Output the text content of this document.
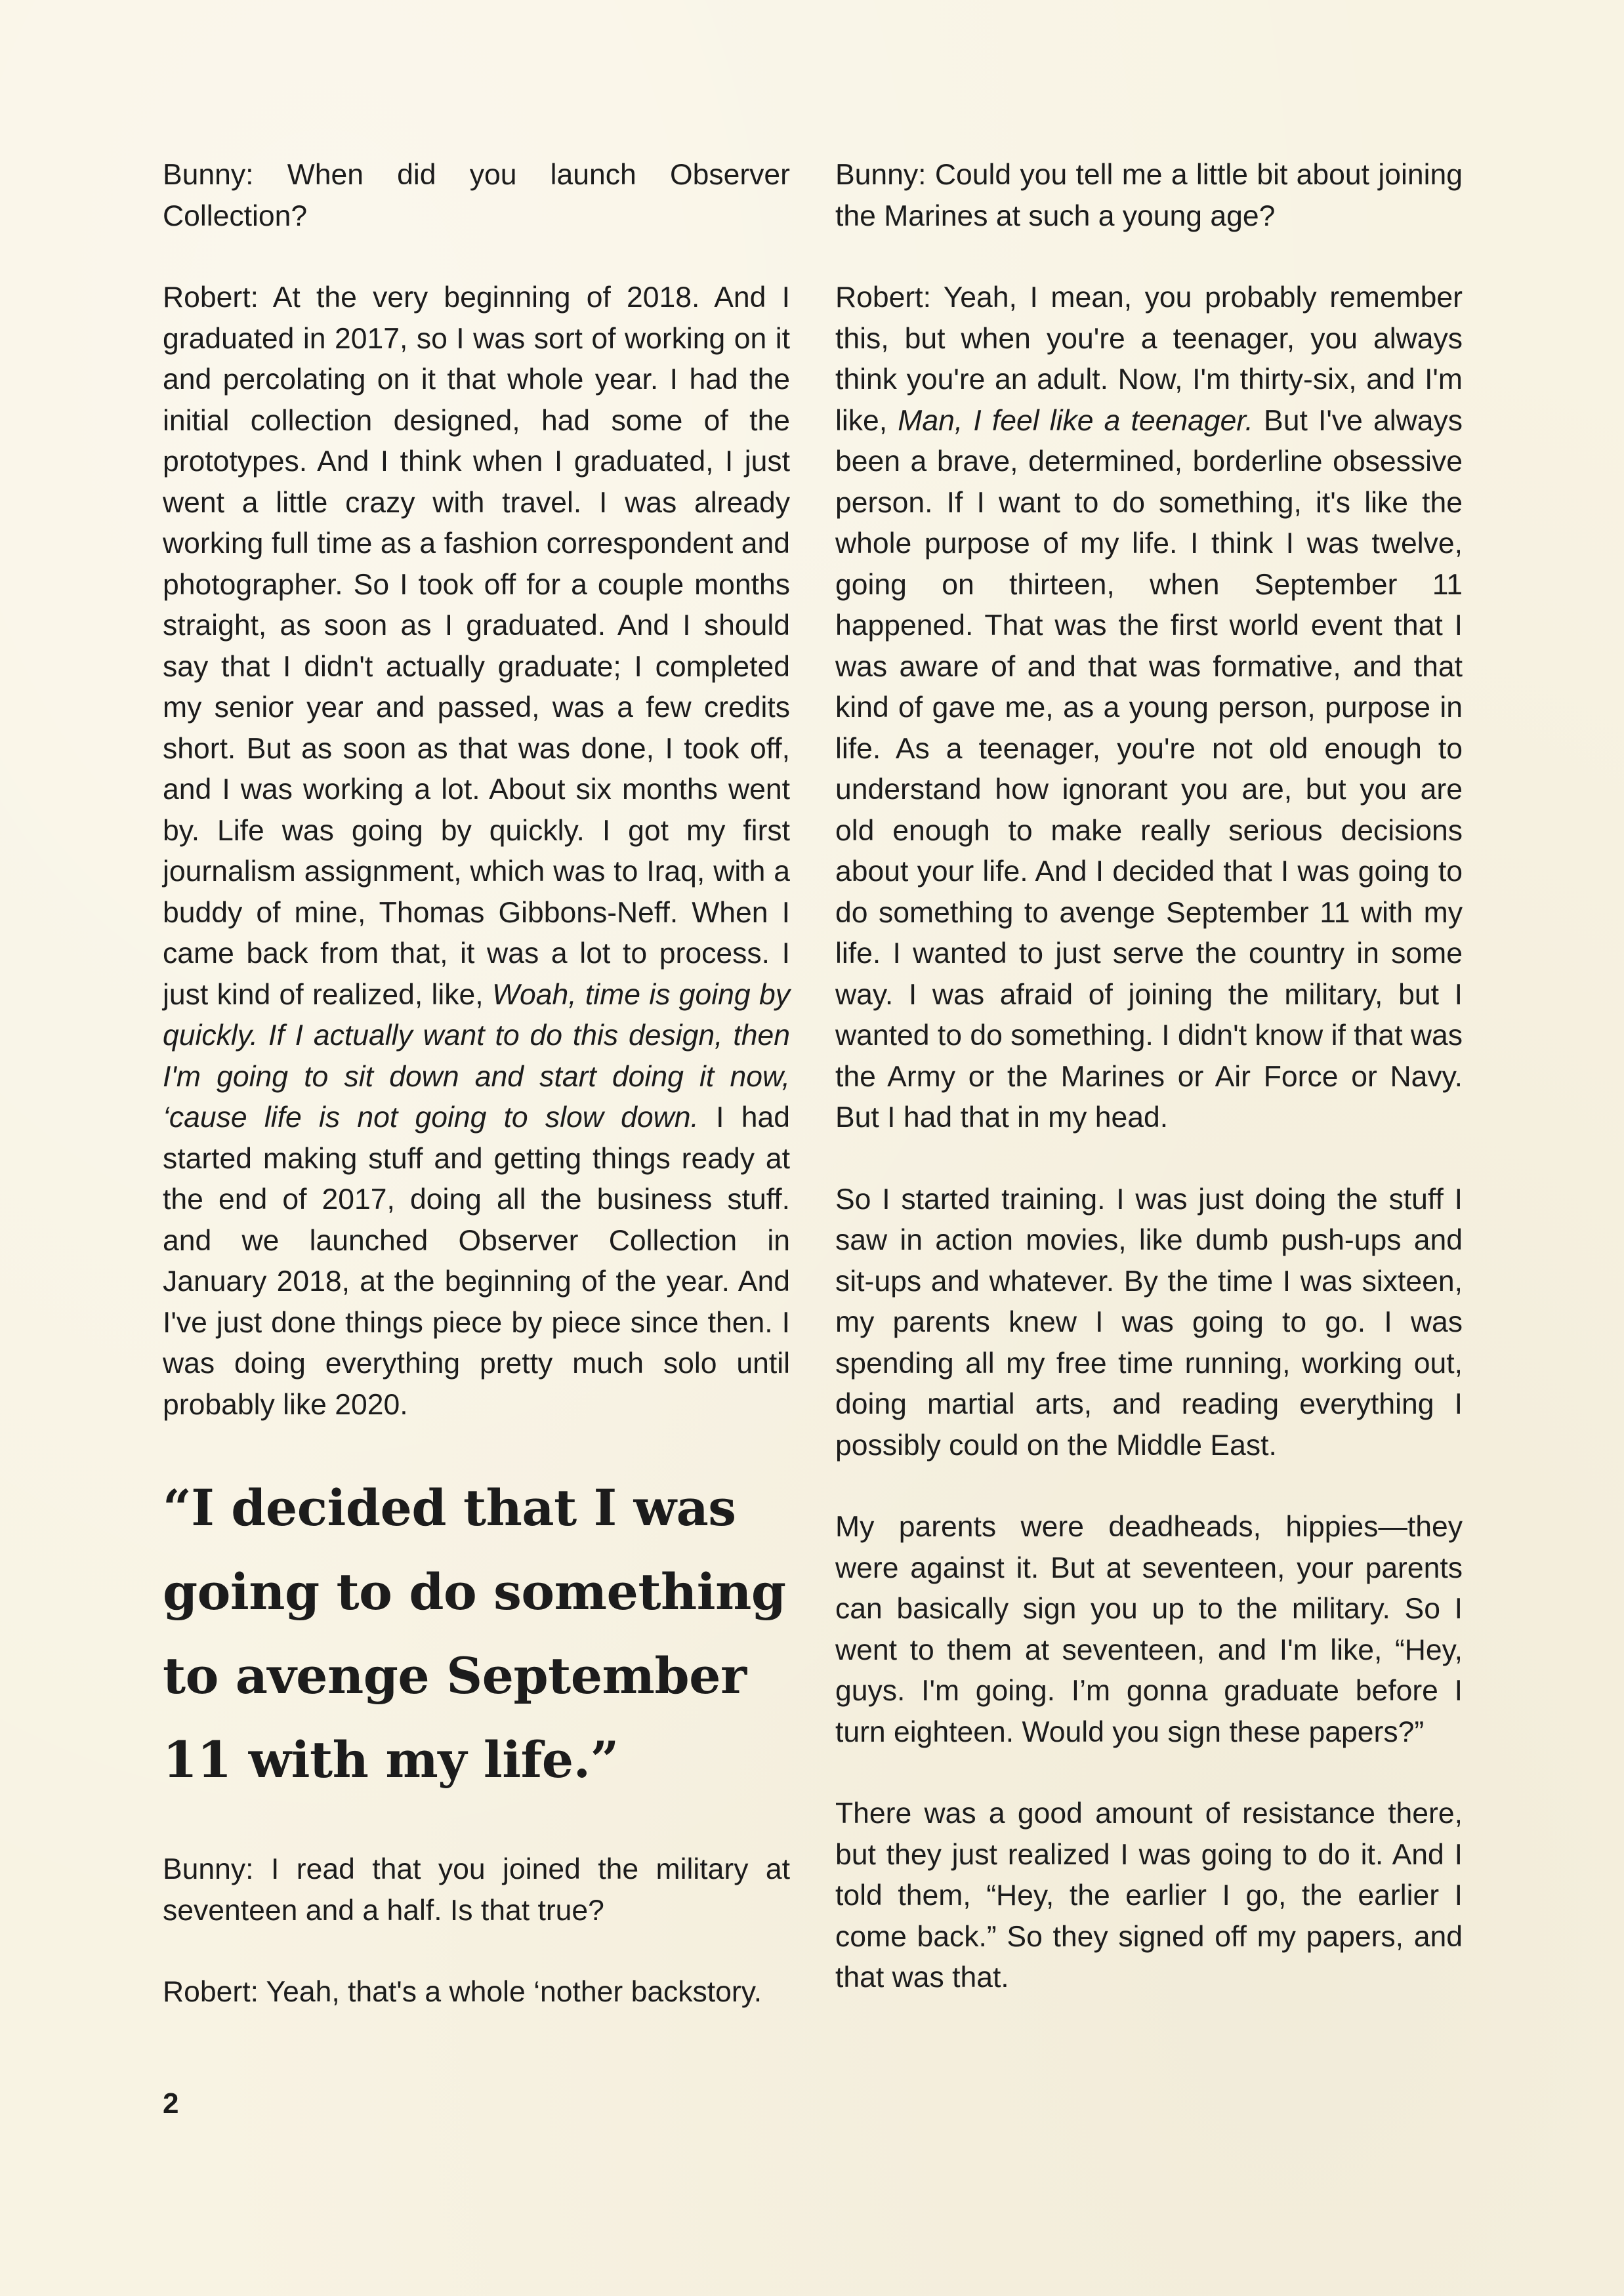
Bunny: When did you launch Observer Collection?

Robert: At the very beginning of 2018. And I graduated in 2017, so I was sort of working on it and percolating on it that whole year. I had the initial collection designed, had some of the prototypes. And I think when I graduated, I just went a little crazy with travel. I was already working full time as a fashion correspondent and photographer. So I took off for a couple months straight, as soon as I graduated. And I should say that I didn't actually graduate; I completed my senior year and passed, was a few credits short. But as soon as that was done, I took off, and I was working a lot. About six months went by. Life was going by quickly. I got my first journalism assignment, which was to Iraq, with a buddy of mine, Thomas Gibbons-Neff. When I came back from that, it was a lot to process. I just kind of realized, like, Woah, time is going by quickly. If I actually want to do this design, then I'm going to sit down and start doing it now, ‘cause life is not going to slow down. I had started making stuff and getting things ready at the end of 2017, doing all the business stuff. and we launched Observer Collection in January 2018, at the beginning of the year. And I've just done things piece by piece since then. I was doing everything pretty much solo until probably like 2020.

“I decided that I was going to do something to avenge September 11 with my life.”

Bunny: I read that you joined the military at seventeen and a half. Is that true?

Robert: Yeah, that's a whole ‘nother backstory.

Bunny: Could you tell me a little bit about joining the Marines at such a young age?

Robert: Yeah, I mean, you probably remember this, but when you're a teenager, you always think you're an adult. Now, I'm thirty-six, and I'm like, Man, I feel like a teenager. But I've always been a brave, determined, borderline obsessive person. If I want to do something, it's like the whole purpose of my life. I think I was twelve, going on thirteen, when September 11 happened. That was the first world event that I was aware of and that was formative, and that kind of gave me, as a young person, purpose in life. As a teenager, you're not old enough to understand how ignorant you are, but you are old enough to make really serious decisions about your life. And I decided that I was going to do something to avenge September 11 with my life. I wanted to just serve the country in some way. I was afraid of joining the military, but I wanted to do something. I didn't know if that was the Army or the Marines or Air Force or Navy. But I had that in my head.

So I started training. I was just doing the stuff I saw in action movies, like dumb push-ups and sit-ups and whatever. By the time I was sixteen, my parents knew I was going to go. I was spending all my free time running, working out, doing martial arts, and reading everything I possibly could on the Middle East.

My parents were deadheads, hippies—they were against it. But at seventeen, your parents can basically sign you up to the military. So I went to them at seventeen, and I'm like, “Hey, guys. I'm going. I’m gonna graduate before I turn eighteen. Would you sign these papers?”

There was a good amount of resistance there, but they just realized I was going to do it. And I told them, “Hey, the earlier I go, the earlier I come back.” So they signed off my papers, and that was that.

2
